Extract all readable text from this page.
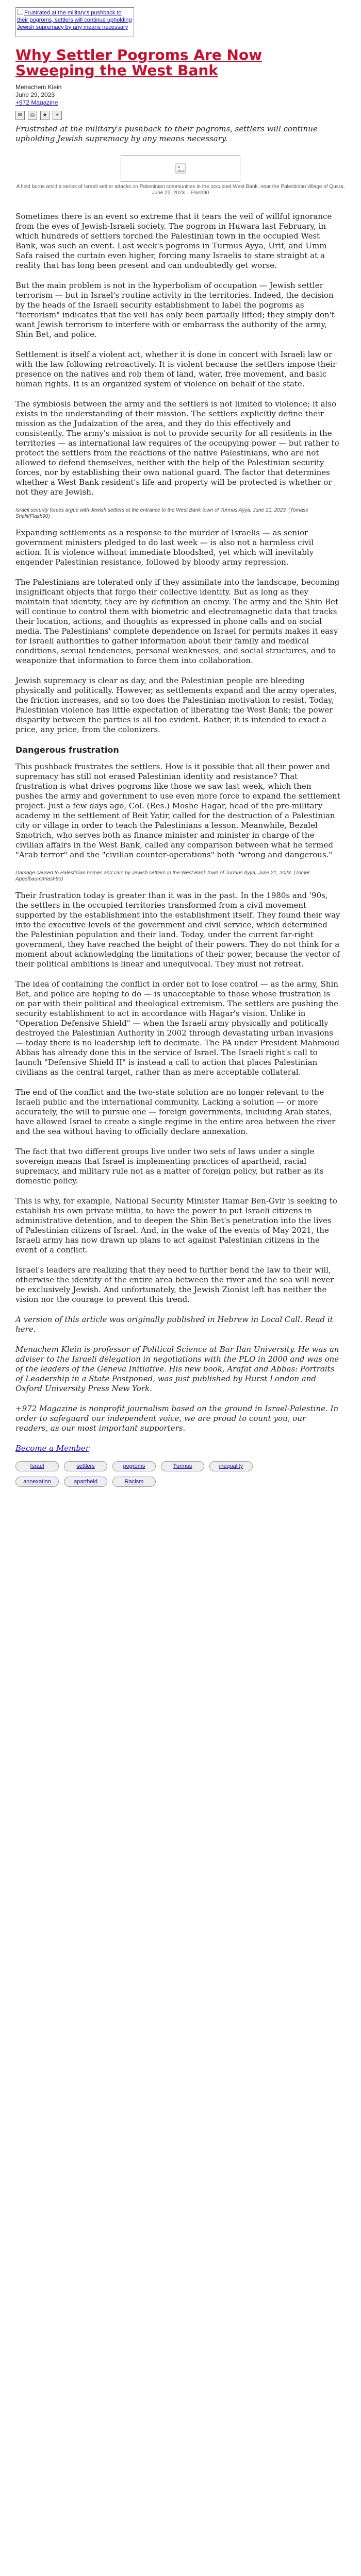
Frustrated at the military's pushback to their pogroms, settlers will continue upholding Jewish supremacy by any means necessary
Why Settler Pogroms Are Now Sweeping the West Bank
Menachem Klein
June 29, 2023
+972 Magazine
✉	⎙	★	⚭

Frustrated at the military's pushback to their pogroms, settlers will continue upholding Jewish supremacy by any means necessary.

A field burns amid a series of Israeli settler attacks on Palestinian communities in the occupied West Bank, near the Palestinian village of Qusra, June 22, 2023. · Flash90

Sometimes there is an event so extreme that it tears the veil of willful ignorance from the eyes of Jewish-Israeli society. The pogrom in Huwara last February, in which hundreds of settlers torched the Palestinian town in the occupied West Bank, was such an event. Last week's pogroms in Turmus Ayya, Urif, and Umm Safa raised the curtain even higher, forcing many Israelis to stare straight at a reality that has long been present and can undoubtedly get worse.

But the main problem is not in the hyperbolism of occupation — Jewish settler terrorism — but in Israel's routine activity in the territories. Indeed, the decision by the heads of the Israeli security establishment to label the pogroms as "terrorism" indicates that the veil has only been partially lifted; they simply don't want Jewish terrorism to interfere with or embarrass the authority of the army, Shin Bet, and police.

Settlement is itself a violent act, whether it is done in concert with Israeli law or with the law following retroactively. It is violent because the settlers impose their presence on the natives and rob them of land, water, free movement, and basic human rights. It is an organized system of violence on behalf of the state.

The symbiosis between the army and the settlers is not limited to violence; it also exists in the understanding of their mission. The settlers explicitly define their mission as the Judaization of the area, and they do this effectively and consistently. The army's mission is not to provide security for all residents in the territories — as international law requires of the occupying power — but rather to protect the settlers from the reactions of the native Palestinians, who are not allowed to defend themselves, neither with the help of the Palestinian security forces, nor by establishing their own national guard. The factor that determines whether a West Bank resident's life and property will be protected is whether or not they are Jewish.

Israeli security forces argue with Jewish settlers at the entrance to the West Bank town of Turmus Ayya, June 21, 2023. (Tomaso Shalit/Flash90)

Expanding settlements as a response to the murder of Israelis — as senior government ministers pledged to do last week — is also not a harmless civil action. It is violence without immediate bloodshed, yet which will inevitably engender Palestinian resistance, followed by bloody army repression.

The Palestinians are tolerated only if they assimilate into the landscape, becoming insignificant objects that forgo their collective identity. But as long as they maintain that identity, they are by definition an enemy. The army and the Shin Bet will continue to control them with biometric and electromagnetic data that tracks their location, actions, and thoughts as expressed in phone calls and on social media. The Palestinians' complete dependence on Israel for permits makes it easy for Israeli authorities to gather information about their family and medical conditions, sexual tendencies, personal weaknesses, and social structures, and to weaponize that information to force them into collaboration.

Jewish supremacy is clear as day, and the Palestinian people are bleeding physically and politically. However, as settlements expand and the army operates, the friction increases, and so too does the Palestinian motivation to resist. Today, Palestinian violence has little expectation of liberating the West Bank; the power disparity between the parties is all too evident. Rather, it is intended to exact a price, any price, from the colonizers.

Dangerous frustration

This pushback frustrates the settlers. How is it possible that all their power and supremacy has still not erased Palestinian identity and resistance? That frustration is what drives pogroms like those we saw last week, which then pushes the army and government to use even more force to expand the settlement project. Just a few days ago, Col. (Res.) Moshe Hagar, head of the pre-military academy in the settlement of Beit Yatir, called for the destruction of a Palestinian city or village in order to teach the Palestinians a lesson. Meanwhile, Bezalel Smotrich, who serves both as finance minister and minister in charge of the civilian affairs in the West Bank, called any comparison between what he termed "Arab terror" and the "civilian counter-operations" both "wrong and dangerous."

Damage caused to Palestinian homes and cars by Jewish settlers in the West Bank town of Turmus Ayya, June 21, 2023. (Tomer Appelbaum/Flash90)

Their frustration today is greater than it was in the past. In the 1980s and '90s, the settlers in the occupied territories transformed from a civil movement supported by the establishment into the establishment itself. They found their way into the executive levels of the government and civil service, which determined the Palestinian population and their land. Today, under the current far-right government, they have reached the height of their powers. They do not think for a moment about acknowledging the limitations of their power, because the vector of their political ambitions is linear and unequivocal. They must not retreat.

The idea of containing the conflict in order not to lose control — as the army, Shin Bet, and police are hoping to do — is unacceptable to those whose frustration is on par with their political and theological extremism. The settlers are pushing the security establishment to act in accordance with Hagar's vision. Unlike in "Operation Defensive Shield" — when the Israeli army physically and politically destroyed the Palestinian Authority in 2002 through devastating urban invasions — today there is no leadership left to decimate. The PA under President Mahmoud Abbas has already done this in the service of Israel. The Israeli right's call to launch "Defensive Shield II" is instead a call to action that places Palestinian civilians as the central target, rather than as mere acceptable collateral.

The end of the conflict and the two-state solution are no longer relevant to the Israeli public and the international community. Lacking a solution — or more accurately, the will to pursue one — foreign governments, including Arab states, have allowed Israel to create a single regime in the entire area between the river and the sea without having to officially declare annexation.

The fact that two different groups live under two sets of laws under a single sovereign means that Israel is implementing practices of apartheid, racial supremacy, and military rule not as a matter of foreign policy, but rather as its domestic policy.

This is why, for example, National Security Minister Itamar Ben-Gvir is seeking to establish his own private militia, to have the power to put Israeli citizens in administrative detention, and to deepen the Shin Bet's penetration into the lives of Palestinian citizens of Israel. And, in the wake of the events of May 2021, the Israeli army has now drawn up plans to act against Palestinian citizens in the event of a conflict.

Israel's leaders are realizing that they need to further bend the law to their will, otherwise the identity of the entire area between the river and the sea will never be exclusively Jewish. And unfortunately, the Jewish Zionist left has neither the vision nor the courage to prevent this trend.

A version of this article was originally published in Hebrew in Local Call. Read it here.

Menachem Klein is professor of Political Science at Bar Ilan University. He was an adviser to the Israeli delegation in negotiations with the PLO in 2000 and was one of the leaders of the Geneva Initiative. His new book, Arafat and Abbas: Portraits of Leadership in a State Postponed, was just published by Hurst London and Oxford University Press New York.

+972 Magazine is nonprofit journalism based on the ground in Israel-Palestine. In order to safeguard our independent voice, we are proud to count you, our readers, as our most important supporters.

Become a Member
Israel	settlers	pogroms	Turmus	inequality
annexation	apartheid	Racism
